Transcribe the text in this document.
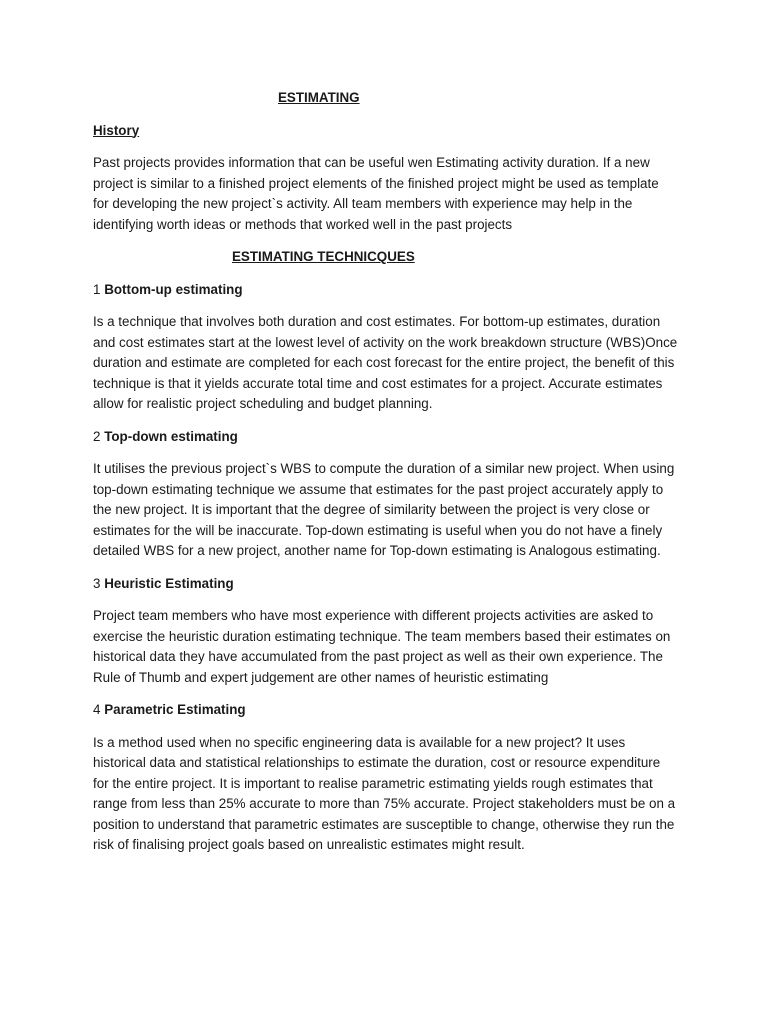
ESTIMATING
History

Past projects provides information that can be useful wen Estimating activity duration. If a new project is similar to a finished project elements of the finished project might be used as template for developing the new project`s activity. All team members with experience may help in the identifying worth ideas or methods that worked well in the past projects

ESTIMATING TECHNICQUES
1 Bottom-up estimating

Is a technique that involves both duration and cost estimates. For bottom-up estimates, duration and cost estimates start at the lowest level of activity on the work breakdown structure (WBS)Once duration and estimate are completed for each cost forecast for the entire project, the benefit of this technique is that it yields accurate total time and cost estimates for a project. Accurate estimates allow for realistic project scheduling and budget planning.

2 Top-down estimating

It utilises the previous project`s WBS to compute the duration of a similar new project. When using top-down estimating technique we assume that estimates for the past project accurately apply to the new project. It is important that the degree of similarity between the project is very close or estimates for the will be inaccurate. Top-down estimating is useful when you do not have a finely detailed WBS for a new project, another name for Top-down estimating is Analogous estimating.

3 Heuristic Estimating

Project team members who have most experience with different projects activities are asked to exercise the heuristic duration estimating technique. The team members based their estimates on historical data they have accumulated from the past project as well as their own experience. The Rule of Thumb and expert judgement are other names of heuristic estimating

4 Parametric Estimating

Is a method used when no specific engineering data is available for a new project? It uses historical data and statistical relationships to estimate the duration, cost or resource expenditure for the entire project. It is important to realise parametric estimating yields rough estimates that range from less than 25% accurate to more than 75% accurate. Project stakeholders must be on a position to understand that parametric estimates are susceptible to change, otherwise they run the risk of finalising project goals based on unrealistic estimates might result.
